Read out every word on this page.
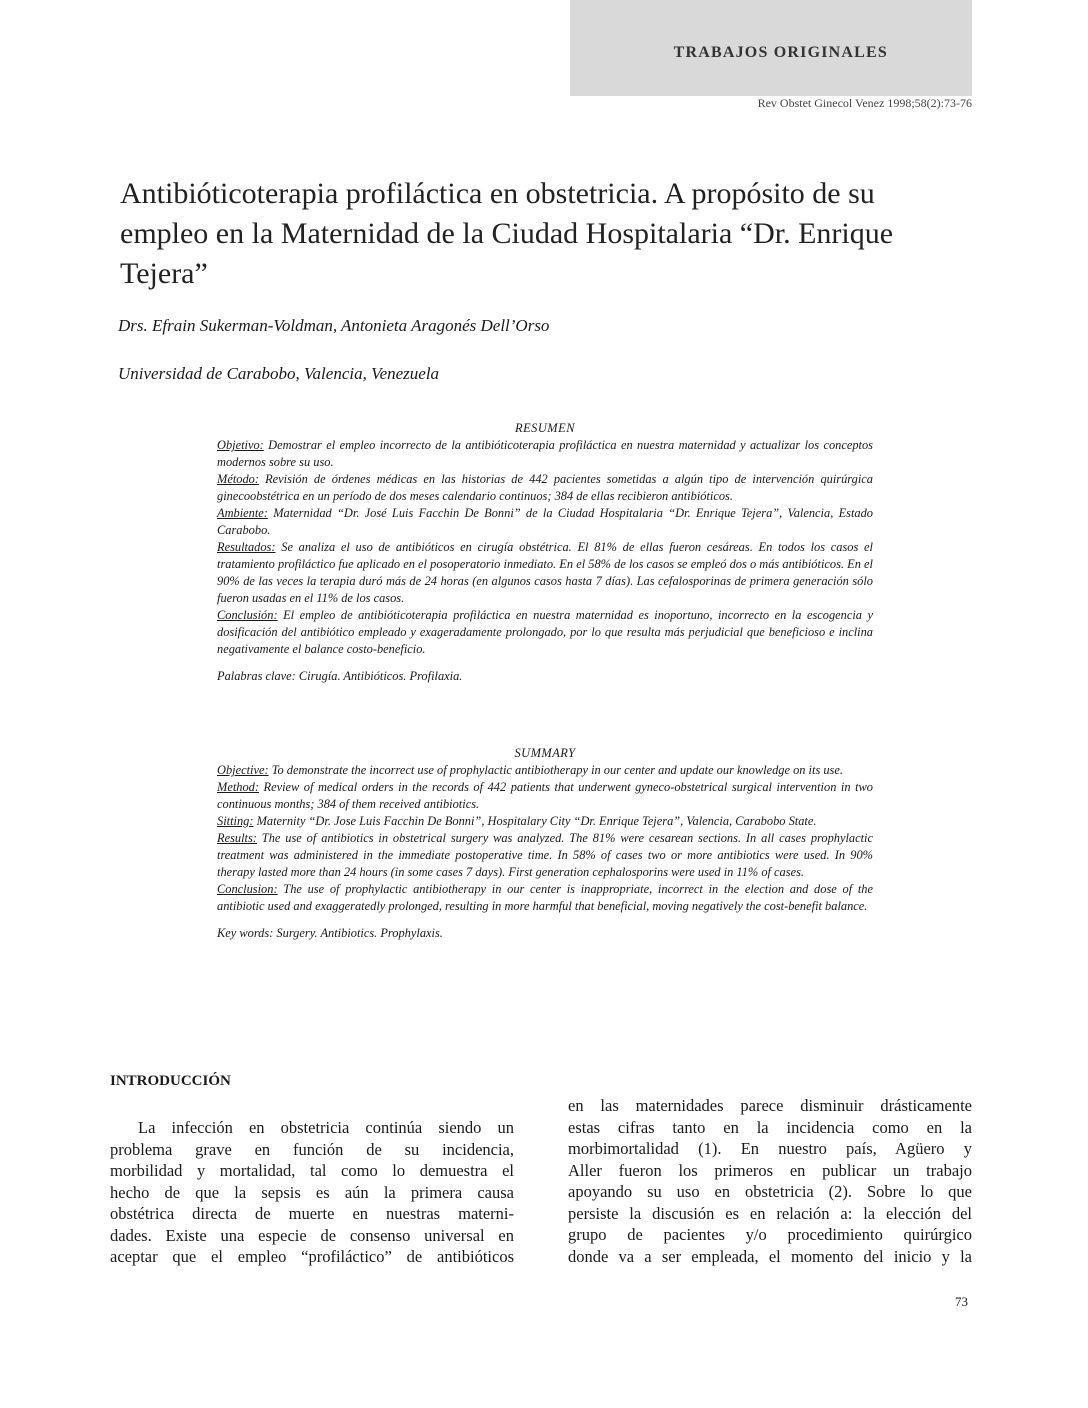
TRABAJOS ORIGINALES
Rev Obstet Ginecol Venez 1998;58(2):73-76
Antibióticoterapia profiláctica en obstetricia. A propósito de su empleo en la Maternidad de la Ciudad Hospitalaria “Dr. Enrique Tejera”
Drs. Efrain Sukerman-Voldman, Antonieta Aragonés Dell’Orso
Universidad de Carabobo, Valencia, Venezuela

RESUMEN

Objetivo: Demostrar el empleo incorrecto de la antibióticoterapia profiláctica en nuestra maternidad y actualizar los conceptos modernos sobre su uso.

Método: Revisión de órdenes médicas en las historias de 442 pacientes sometidas a algún tipo de intervención quirúrgica ginecoobstétrica en un período de dos meses calendario continuos; 384 de ellas recibieron antibióticos.

Ambiente: Maternidad “Dr. José Luis Facchin De Bonni” de la Ciudad Hospitalaria “Dr. Enrique Tejera”, Valencia, Estado Carabobo.

Resultados: Se analiza el uso de antibióticos en cirugía obstétrica. El 81% de ellas fueron cesáreas. En todos los casos el tratamiento profiláctico fue aplicado en el posoperatorio inmediato. En el 58% de los casos se empleó dos o más antibióticos. En el 90% de las veces la terapia duró más de 24 horas (en algunos casos hasta 7 días). Las cefalosporinas de primera generación sólo fueron usadas en el 11% de los casos.

Conclusión: El empleo de antibióticoterapia profiláctica en nuestra maternidad es inoportuno, incorrecto en la escogencia y dosificación del antibiótico empleado y exageradamente prolongado, por lo que resulta más perjudicial que beneficioso e inclina negativamente el balance costo-beneficio.

Palabras clave: Cirugía. Antibióticos. Profilaxia.

SUMMARY

Objective: To demonstrate the incorrect use of prophylactic antibiotherapy in our center and update our knowledge on its use.

Method: Review of medical orders in the records of 442 patients that underwent gyneco-obstetrical surgical intervention in two continuous months; 384 of them received antibiotics.

Sitting: Maternity “Dr. Jose Luis Facchin De Bonni”, Hospitalary City “Dr. Enrique Tejera”, Valencia, Carabobo State.

Results: The use of antibiotics in obstetrical surgery was analyzed. The 81% were cesarean sections. In all cases prophylactic treatment was administered in the immediate postoperative time. In 58% of cases two or more antibiotics were used. In 90% therapy lasted more than 24 hours (in some cases 7 days). First generation cephalosporins were used in 11% of cases.

Conclusion: The use of prophylactic antibiotherapy in our center is inappropriate, incorrect in the election and dose of the antibiotic used and exaggeratedly prolonged, resulting in more harmful that beneficial, moving negatively the cost-benefit balance.

Key words: Surgery. Antibiotics. Prophylaxis.

INTRODUCCIÓN
La infección en obstetricia continúa siendo un
problema grave en función de su incidencia,
morbilidad y mortalidad, tal como lo demuestra el
hecho de que la sepsis es aún la primera causa
obstétrica directa de muerte en nuestras materni-
dades. Existe una especie de consenso universal en
aceptar que el empleo “profiláctico” de antibióticos
en las maternidades parece disminuir drásticamente
estas cifras tanto en la incidencia como en la
morbimortalidad (1). En nuestro país, Agüero y
Aller fueron los primeros en publicar un trabajo
apoyando su uso en obstetricia (2). Sobre lo que
persiste la discusión es en relación a: la elección del
grupo de pacientes y/o procedimiento quirúrgico
donde va a ser empleada, el momento del inicio y la
73
